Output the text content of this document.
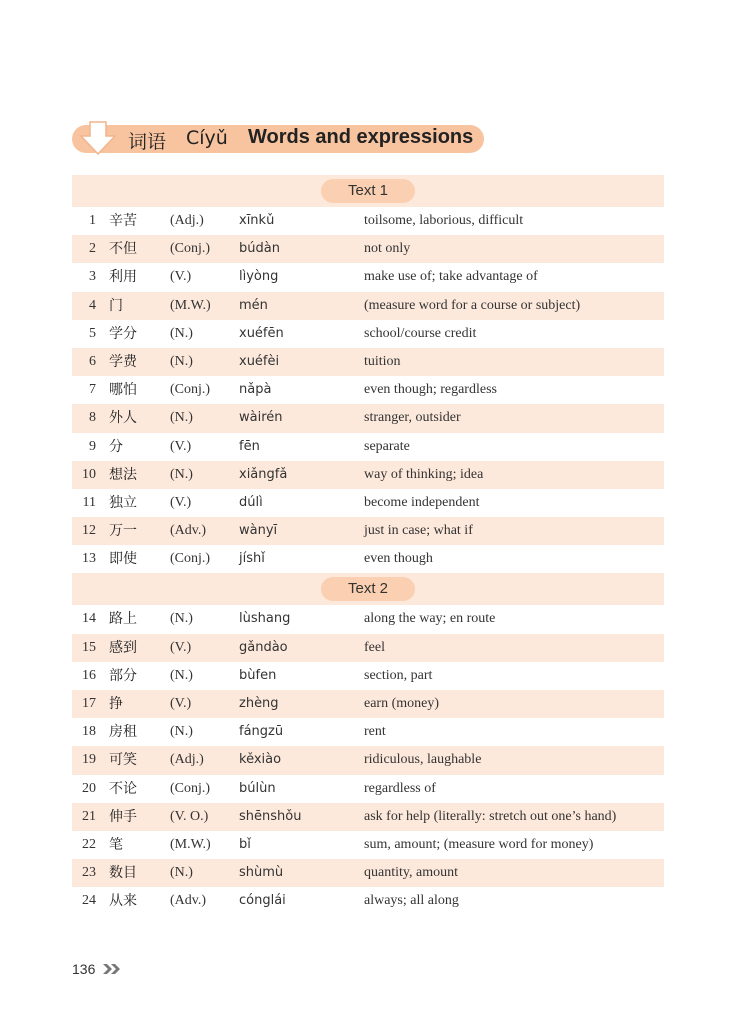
词语 Cíyǔ Words and expressions
Text 1
1 辛苦 (Adj.)	xīnkǔ	toilsome, laborious, difficult
2 不但 (Conj.) búdàn	not only
3 利用 (V.)	lìyòng	make use of; take advantage of
4 门	(M.W.) mén	(measure word for a course or subject)
5 学分 (N.)	xuéfēn	school/course credit
6 学费 (N.)	xuéfèi	tuition
7 哪怕 (Conj.) nǎpà	even though; regardless
8 外人 (N.)	wàirén	stranger, outsider
9 分	(V.)	fēn	separate
10 想法 (N.)	xiǎngfǎ	way of thinking; idea
11 独立 (V.)	dúlì	become independent
12 万一 (Adv.)	wànyī	just in case; what if
13 即使 (Conj.) jíshǐ	even though
Text 2
14 路上 (N.)	lùshang	along the way; en route
15 感到 (V.)	gǎndào	feel
16 部分 (N.)	bùfen	section, part
17 挣	(V.)	zhèng	earn (money)
18 房租 (N.)	fángzū	rent
19 可笑 (Adj.)	kěxiào	ridiculous, laughable
20 不论 (Conj.) búlùn	regardless of
21 伸手 (V. O.) shēnshǒu	ask for help (literally: stretch out one’s hand)
22 笔	(M.W.) bǐ	sum, amount; (measure word for money)
23 数目 (N.)	shùmù	quantity, amount
24 从来 (Adv.)	cónglái	always; all along
136
